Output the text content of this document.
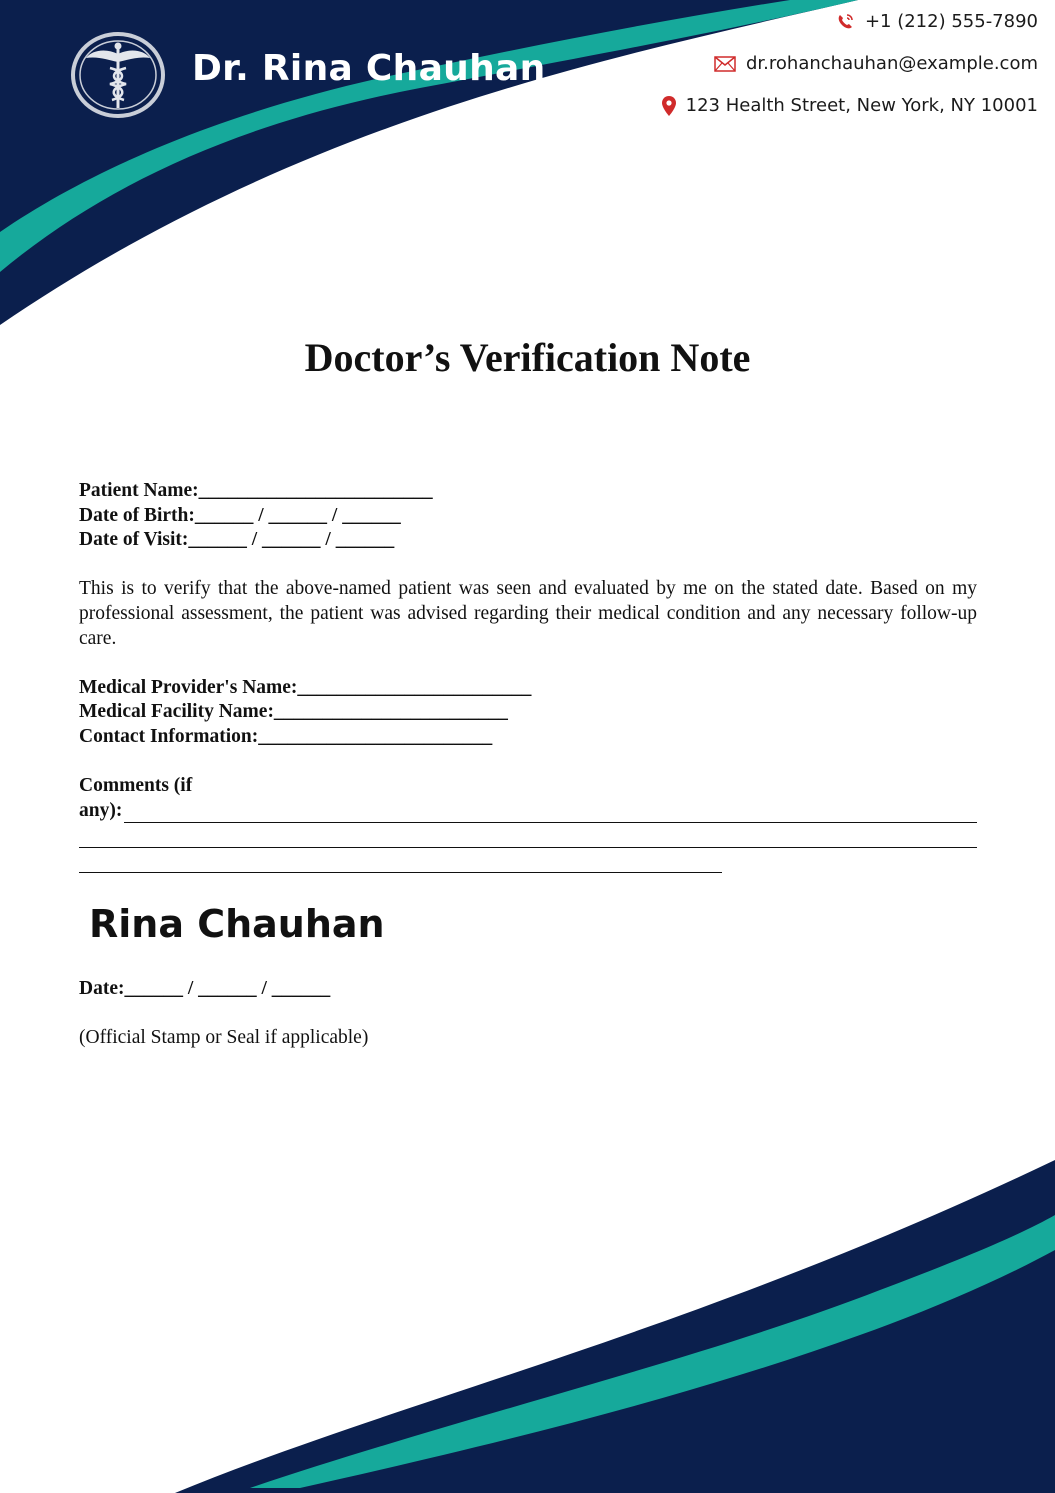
Dr. Rina Chauhan
+1 (212) 555-7890
dr.rohanchauhan@example.com
123 Health Street, New York, NY 10001
Doctor’s Verification Note
Patient Name:________________________
Date of Birth:______ / ______ / ______
Date of Visit:______ / ______ / ______

This is to verify that the above-named patient was seen and evaluated by me on the stated date. Based on my professional assessment, the patient was advised regarding their medical condition and any necessary follow-up care.

Medical Provider's Name:________________________
Medical Facility Name:________________________
Contact Information:________________________
Comments (if
any):
Rina Chauhan
Date:______ / ______ / ______
(Official Stamp or Seal if applicable)
